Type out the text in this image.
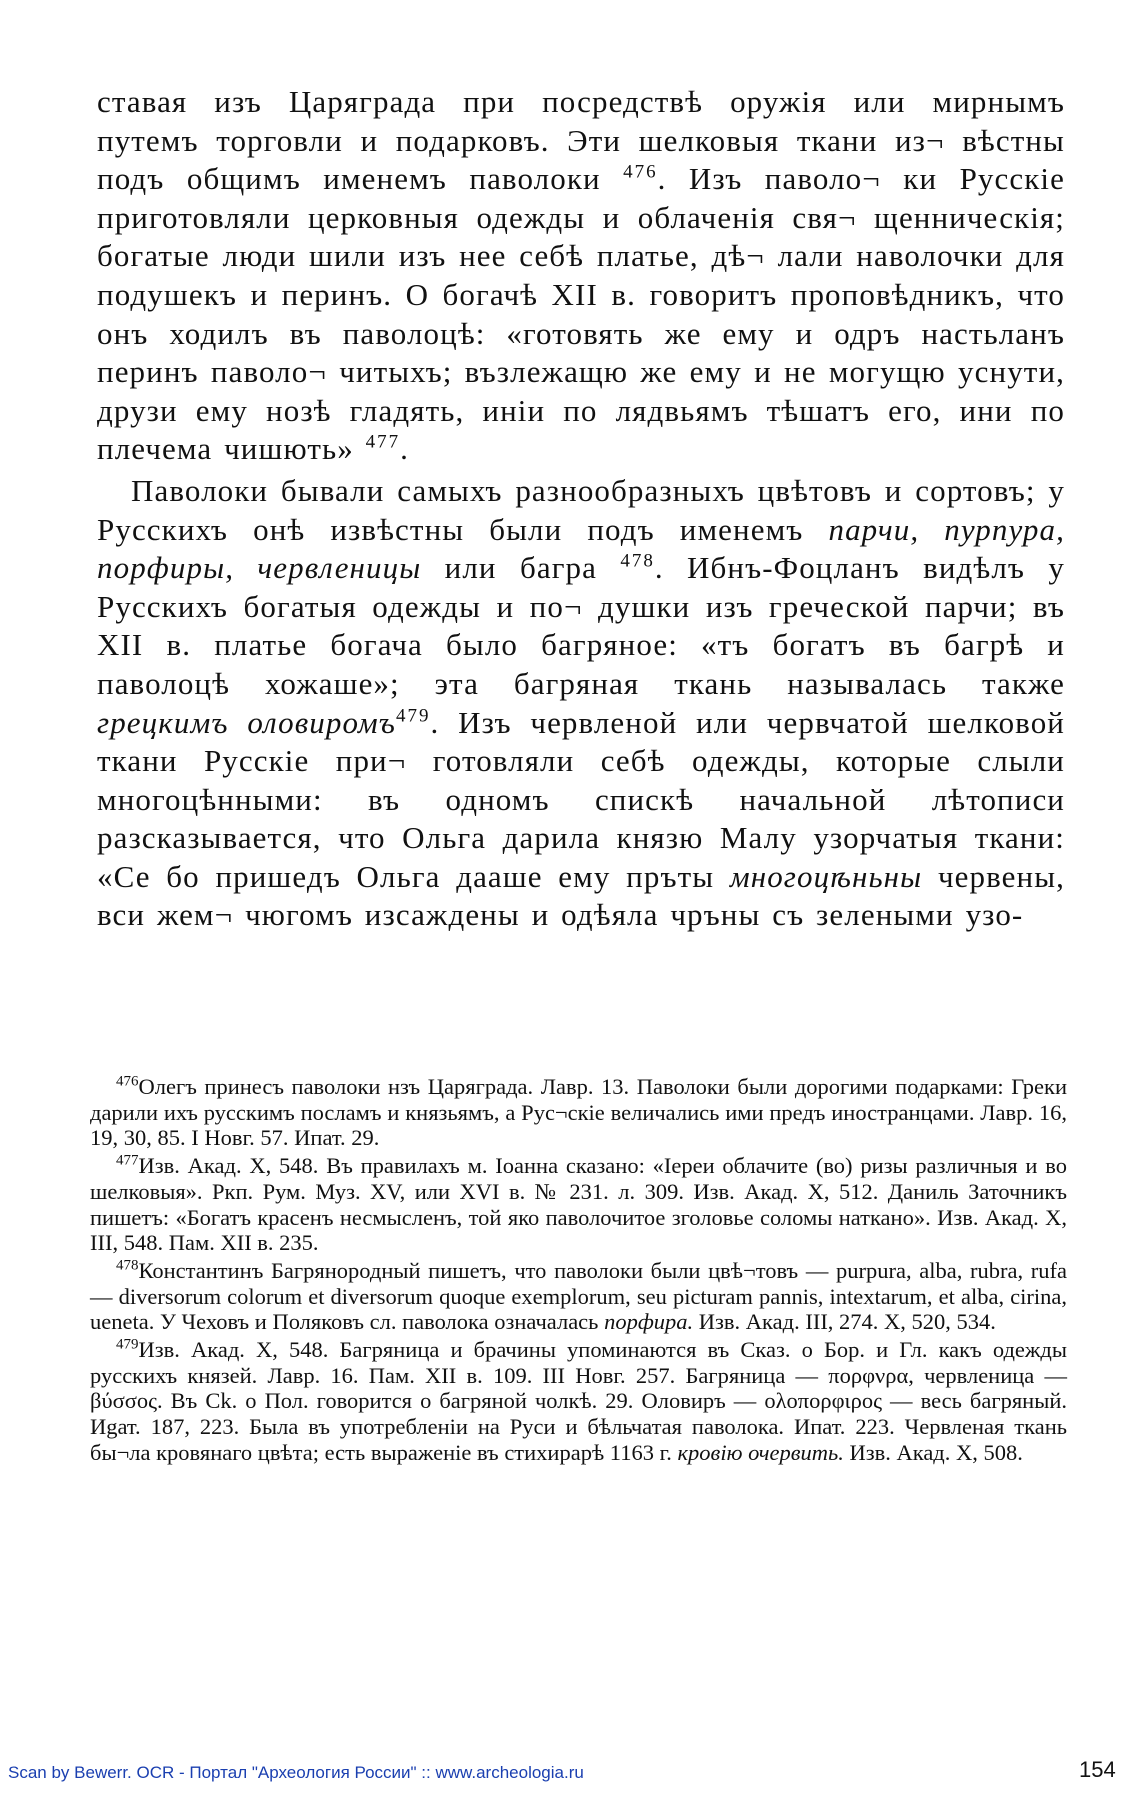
ставая изъ Царяграда при посредствѣ оружія или мирнымъ путемъ торговли и подарковъ. Эти шелковыя ткани из¬ вѣстны подъ общимъ именемъ паволоки $^{476}$. Изъ паволо¬ ки Русскіе приготовляли церковныя одежды и облаченія свя¬ щенническія; богатые люди шили изъ нее себѣ платье, дѣ¬ лали наволочки для подушекъ и перинъ. О богачѣ XII в. говоритъ проповѣдникъ, что онъ ходилъ въ паволоцѣ: «готовять же ему и одръ настьланъ перинъ паволо¬ читыхъ; възлежащю же ему и не могущю уснути, друзи ему нозѣ гладять, иніи по лядвьямъ тѣшатъ его, ини по плечема чишють» $^{477}$.

Паволоки бывали самыхъ разнообразныхъ цвѣтовъ и сортовъ; у Русскихъ онѣ извѣстны были подъ именемъ парчи, пурпура, порфиры, червленицы или багра $^{478}$. Ибнъ-Фоцланъ видѣлъ у Русскихъ богатыя одежды и по¬ душки изъ греческой парчи; въ XII в. платье богача было багряное: «тъ богатъ въ багрѣ и паволоцѣ хожаше»; эта багряная ткань называлась также грецкимъ оловиромъ$^{479}$. Изъ червленой или червчатой шелковой ткани Русскіе при¬ готовляли себѣ одежды, которые слыли многоцѣнными: въ одномъ спискѣ начальной лѣтописи разсказывается, что Ольга дарила князю Малу узорчатыя ткани: «Се бо пришедъ Ольга дааше ему пръты многоцѣньны червены, вси жем¬ чюгомъ изсаждены и одѣяла чръны съ зелеными узо-

$^{476}$Олегъ принесъ паволоки нзъ Царяграда. Лавр. 13. Паволоки были дорогими подарками: Греки дарили ихъ русскимъ посламъ и князьямъ, а Рус¬скіе величались ими предъ иностранцами. Лавр. 16, 19, 30, 85. I Новг. 57. Ипат. 29.

$^{477}$Изв. Акад. X, 548. Въ правилахъ м. Іоанна сказано: «Іереи облачите (во) ризы различныя и во шелковыя». Ркп. Рум. Муз. XV, или XVI в. № 231. л. 309. Изв. Акад. X, 512. Даниль Заточникъ пишетъ: «Богатъ красенъ несмысленъ, той яко паволочитое зголовье соломы наткано». Изв. Акад. X, III, 548. Пам. XII в. 235.

$^{478}$Константинъ Багрянородный пишетъ, что паволоки были цвѣ¬товъ — purpura, alba, rubra, rufa — diversorum colorum et diversorum quoque exemplorum, seu picturam pannis, intextarum, et alba, cirina, ueneta. У Чеховъ и Поляковъ сл. паволока означалась порфира. Изв. Акад. III, 274. X, 520, 534.

$^{479}$Изв. Акад. X, 548. Багряница и брачины упоминаются въ Сказ. о Бор. и Гл. какъ одежды русскихъ князей. Лавр. 16. Пам. XII в. 109. III Новг. 257. Багряница — πορφνρα, червленица — βύσσος. Въ Ck. о Пол. говорится о багряной чолкѣ. 29. Оловиръ — ολοπορφιρος — весь багряный. Иgат. 187, 223. Была въ употребленіи на Руси и бѣльчатая паволока. Ипат. 223. Червленая ткань бы¬ла кровянаго цвѣта; есть выраженіе въ стихирарѣ 1163 г. кровію очервить. Изв. Акад. X, 508.

Scan by Bewerr. OCR - Портал "Археология России" :: www.archeologia.ru	154
